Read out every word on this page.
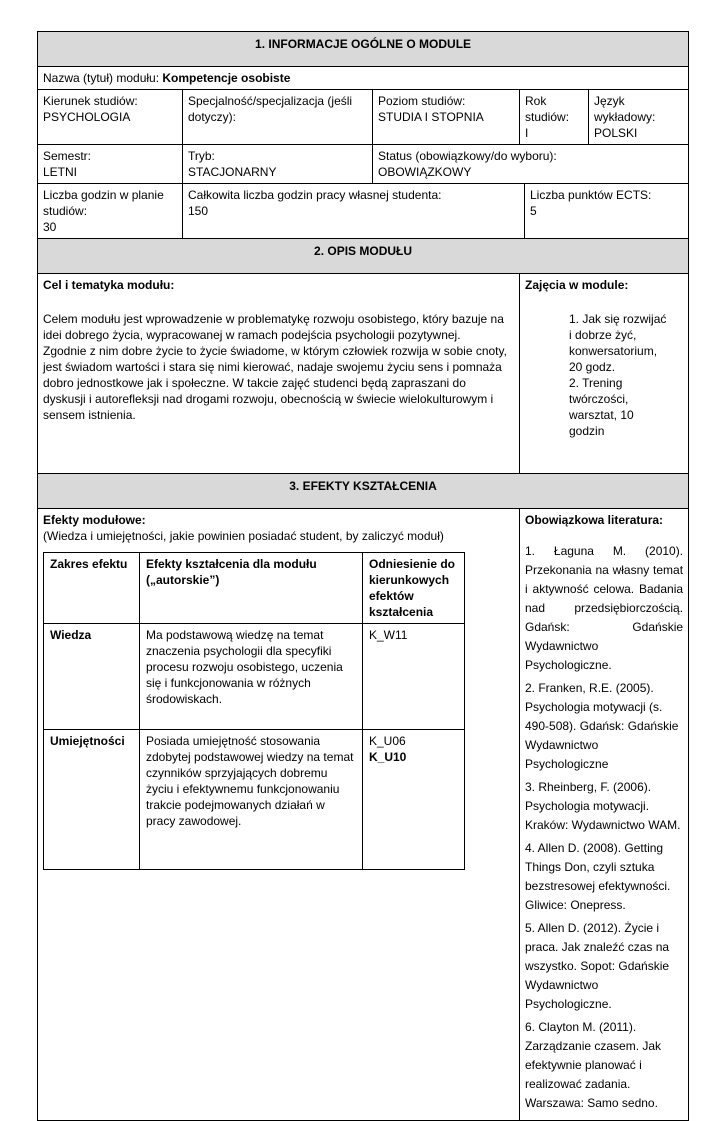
1. INFORMACJE OGÓLNE O MODULE
Nazwa (tytuł) modułu: Kompetencje osobiste

Kierunek studiów:
PSYCHOLOGIA

Specjalność/specjalizacja (jeśli dotyczy):

Poziom studiów:
STUDIA I STOPNIA

Rok studiów:
I

Język wykładowy:
POLSKI

Semestr:
LETNI

Tryb:
STACJONARNY

Status (obowiązkowy/do wyboru):
OBOWIĄZKOWY

Liczba godzin w planie studiów:
30

Całkowita liczba godzin pracy własnej studenta:
150

Liczba punktów ECTS:
5

2. OPIS MODUŁU

Cel i tematyka modułu:

Celem modułu jest wprowadzenie w problematykę rozwoju osobistego, który bazuje na idei dobrego życia, wypracowanej w ramach podejścia psychologii pozytywnej. Zgodnie z nim dobre życie to życie świadome, w którym człowiek rozwija w sobie cnoty, jest świadom wartości i stara się nimi kierować, nadaje swojemu życiu sens i pomnaża dobro jednostkowe jak i społeczne. W takcie zajęć studenci będą zapraszani do dyskusji i autorefleksji nad drogami rozwoju, obecnością w świecie wielokulturowym i sensem istnienia.

Zajęcia w module:
1. Jak się rozwijać i dobrze żyć, konwersatorium, 20 godz.
2. Trening twórczości, warsztat, 10 godzin

3. EFEKTY KSZTAŁCENIA

Efekty modułowe:
(Wiedza i umiejętności, jakie powinien posiadać student, by zaliczyć moduł)
Zakres efektu	Efekty kształcenia dla modułu („autorskie”)	Odniesienie do kierunkowych efektów kształcenia
Wiedza	Ma podstawową wiedzę na temat znaczenia psychologii dla specyfiki procesu rozwoju osobistego, uczenia się i funkcjonowania w różnych środowiskach.	
K_W11

Umiejętności	Posiada umiejętność stosowania zdobytej podstawowej wiedzy na temat czynników sprzyjających dobremu życiu i efektywnemu funkcjonowaniu trakcie podejmowanych działań w pracy zawodowej.	
K_U06
K_U10

Obowiązkowa literatura:

1. Łaguna M. (2010). Przekonania na własny temat i aktywność celowa. Badania nad przedsiębiorczością. Gdańsk: Gdańskie Wydawnictwo Psychologiczne.

2. Franken, R.E. (2005). Psychologia motywacji (s. 490-508). Gdańsk: Gdańskie Wydawnictwo Psychologiczne

3. Rheinberg, F. (2006). Psychologia motywacji. Kraków: Wydawnictwo WAM.

4. Allen D. (2008). Getting Things Don, czyli sztuka bezstresowej efektywności. Gliwice: Onepress.

5. Allen D. (2012). Życie i praca. Jak znaleźć czas na wszystko. Sopot: Gdańskie Wydawnictwo Psychologiczne.

6. Clayton M. (2011). Zarządzanie czasem. Jak efektywnie planować i realizować zadania. Warszawa: Samo sedno.
